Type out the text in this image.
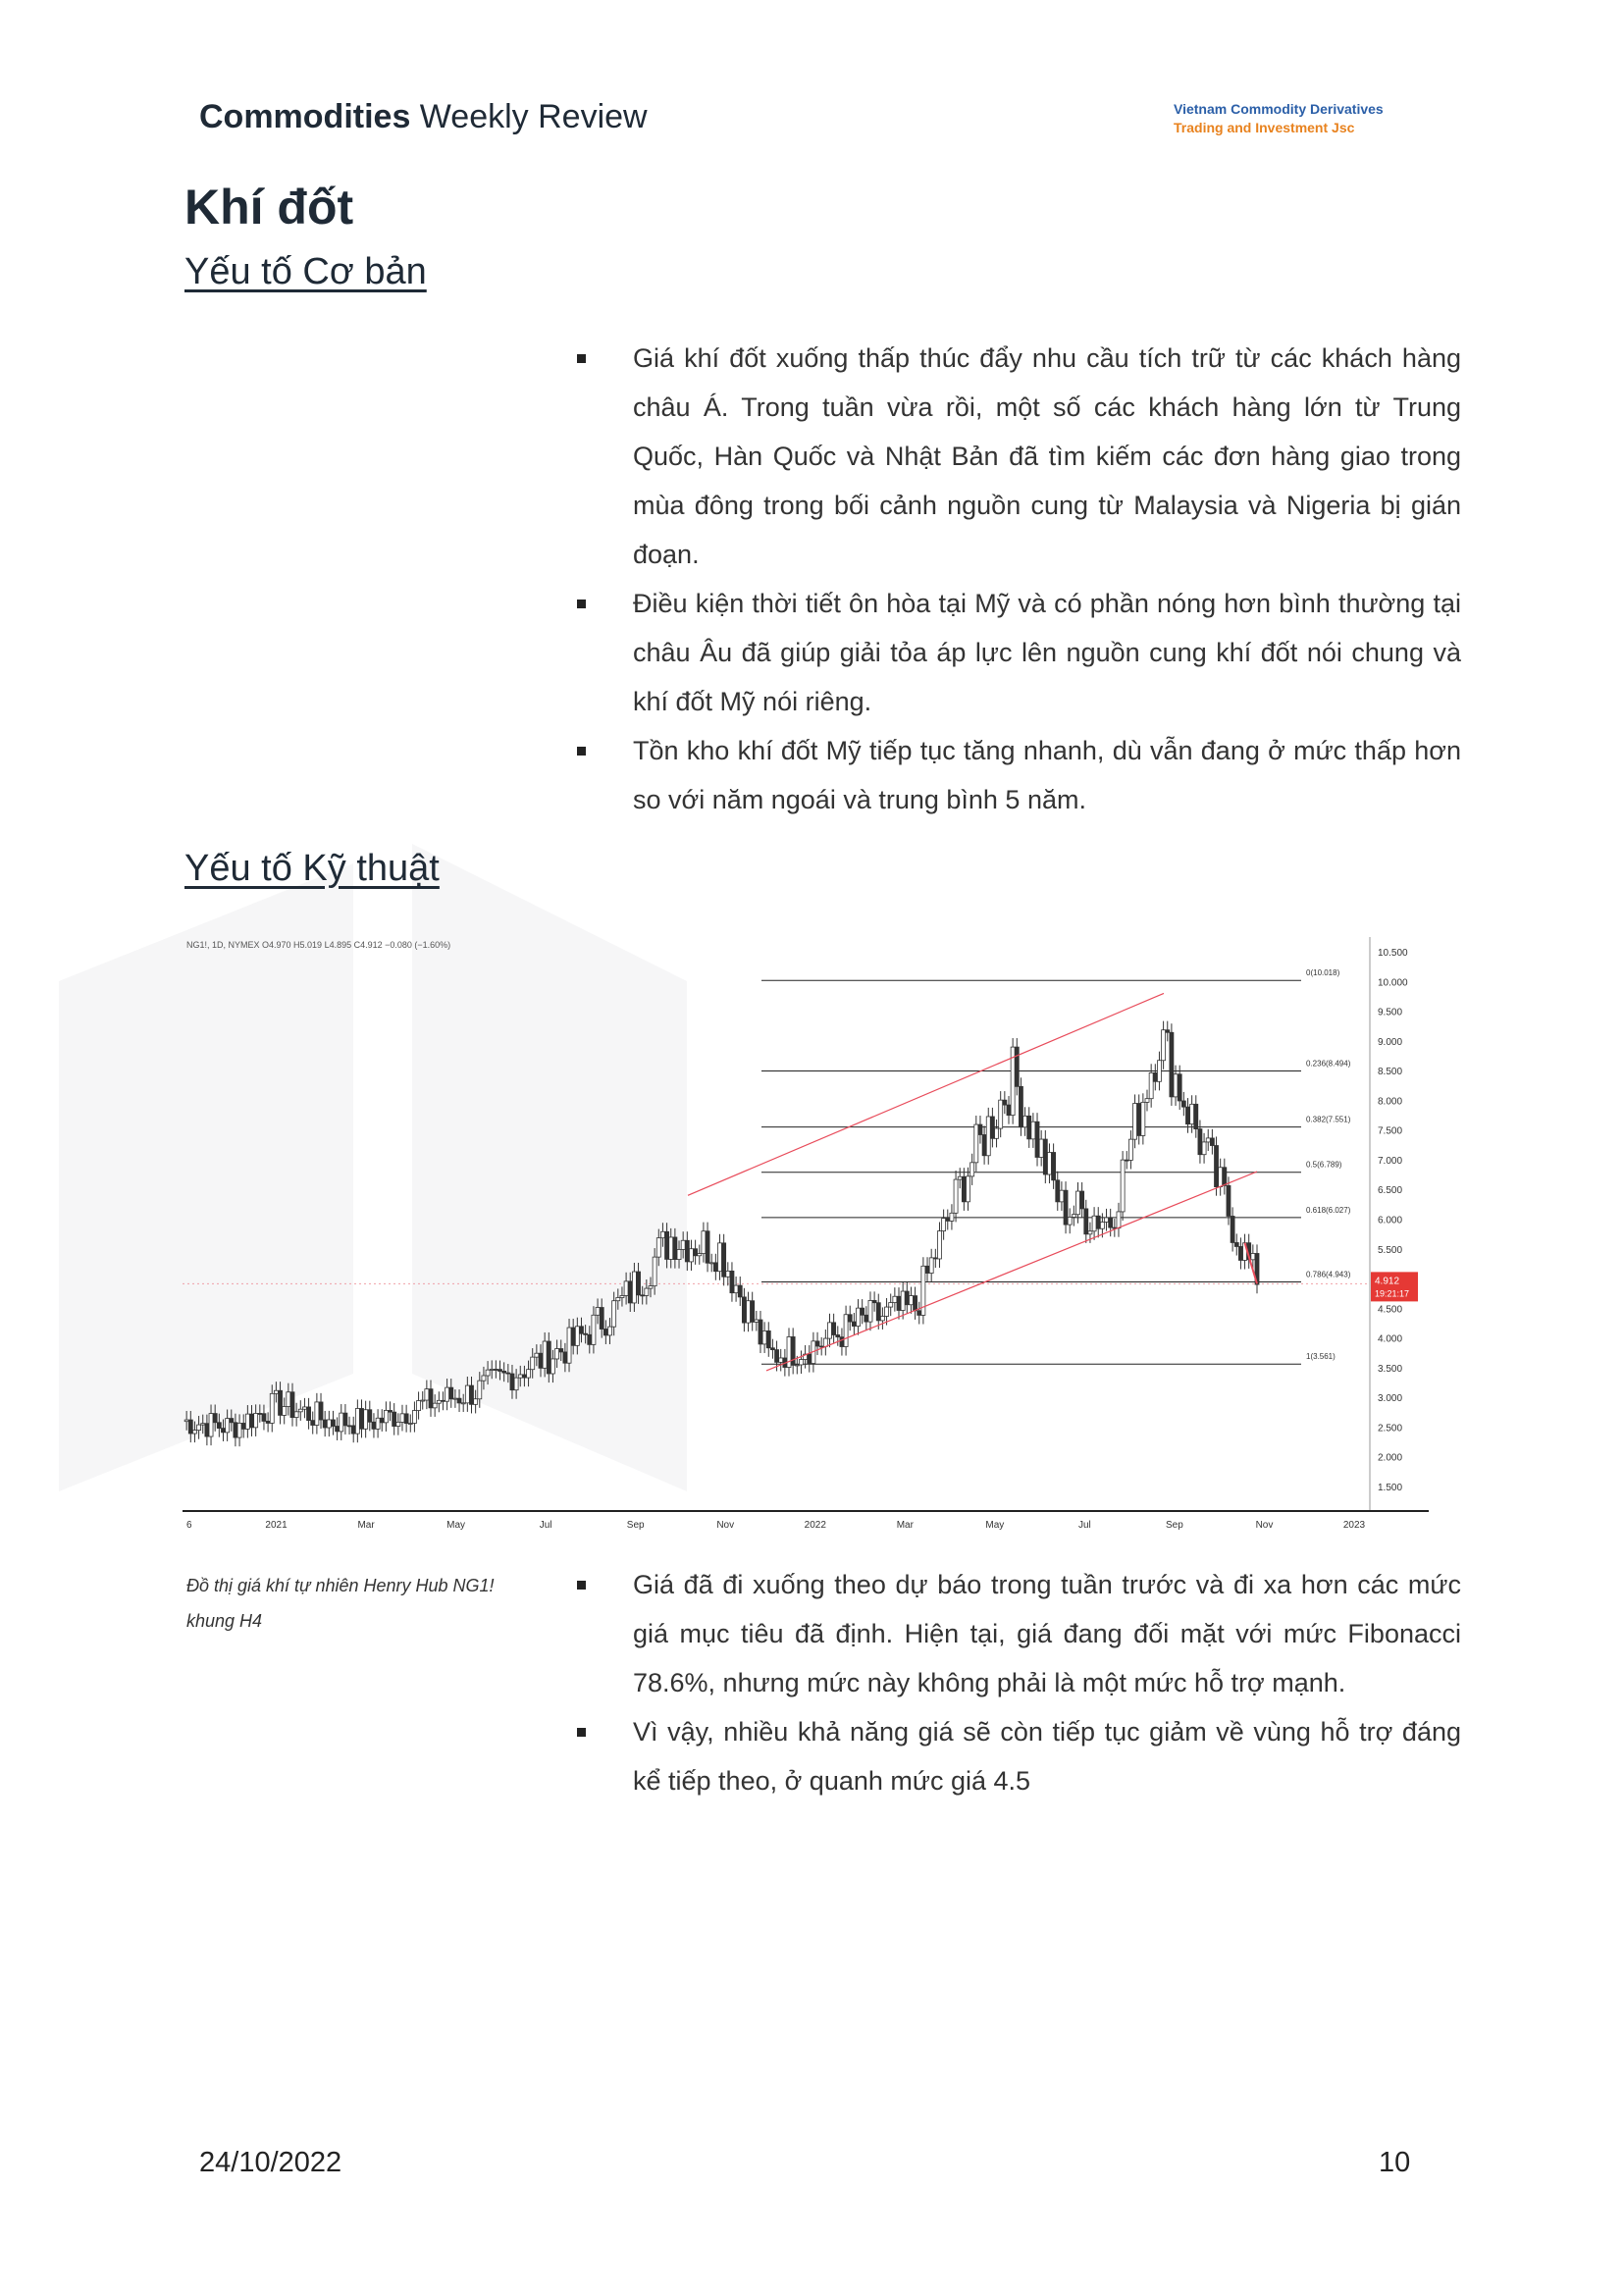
Commodities Weekly Review	Vietnam Commodity Derivatives
Trading and Investment Jsc
Khí đốt
Yếu tố Cơ bản
Giá khí đốt xuống thấp thúc đẩy nhu cầu tích trữ từ các khách hàng châu Á. Trong tuần vừa rồi, một số các khách hàng lớn từ Trung Quốc, Hàn Quốc và Nhật Bản đã tìm kiếm các đơn hàng giao trong mùa đông trong bối cảnh nguồn cung từ Malaysia và Nigeria bị gián đoạn.
Điều kiện thời tiết ôn hòa tại Mỹ và có phần nóng hơn bình thường tại châu Âu đã giúp giải tỏa áp lực lên nguồn cung khí đốt nói chung và khí đốt Mỹ nói riêng.
Tồn kho khí đốt Mỹ tiếp tục tăng nhanh, dù vẫn đang ở mức thấp hơn so với năm ngoái và trung bình 5 năm.
Yếu tố Kỹ thuật
NG1!, 1D, NYMEX O4.970 H5.019 L4.895 C4.912 −0.080 (−1.60%)
10.500
10.000
9.500
9.000
8.500
8.000
7.500
7.000
6.500
6.000
5.500
4.500
4.000
3.500
3.000
2.500
2.000
1.500
6	2021	Mar	May	Jul	Sep	Nov	2022	Mar	May	Jul	Sep	Nov	2023
0(10.018)
0.236(8.494)
0.382(7.551)
0.5(6.789)
0.618(6.027)
0.786(4.943)
1(3.561)
4.912
19:21:17
Đồ thị giá khí tự nhiên Henry Hub NG1! khung H4
Giá đã đi xuống theo dự báo trong tuần trước và đi xa hơn các mức giá mục tiêu đã định. Hiện tại, giá đang đối mặt với mức Fibonacci 78.6%, nhưng mức này không phải là một mức hỗ trợ mạnh.
Vì vậy, nhiều khả năng giá sẽ còn tiếp tục giảm về vùng hỗ trợ đáng kể tiếp theo, ở quanh mức giá 4.5
24/10/2022	10
